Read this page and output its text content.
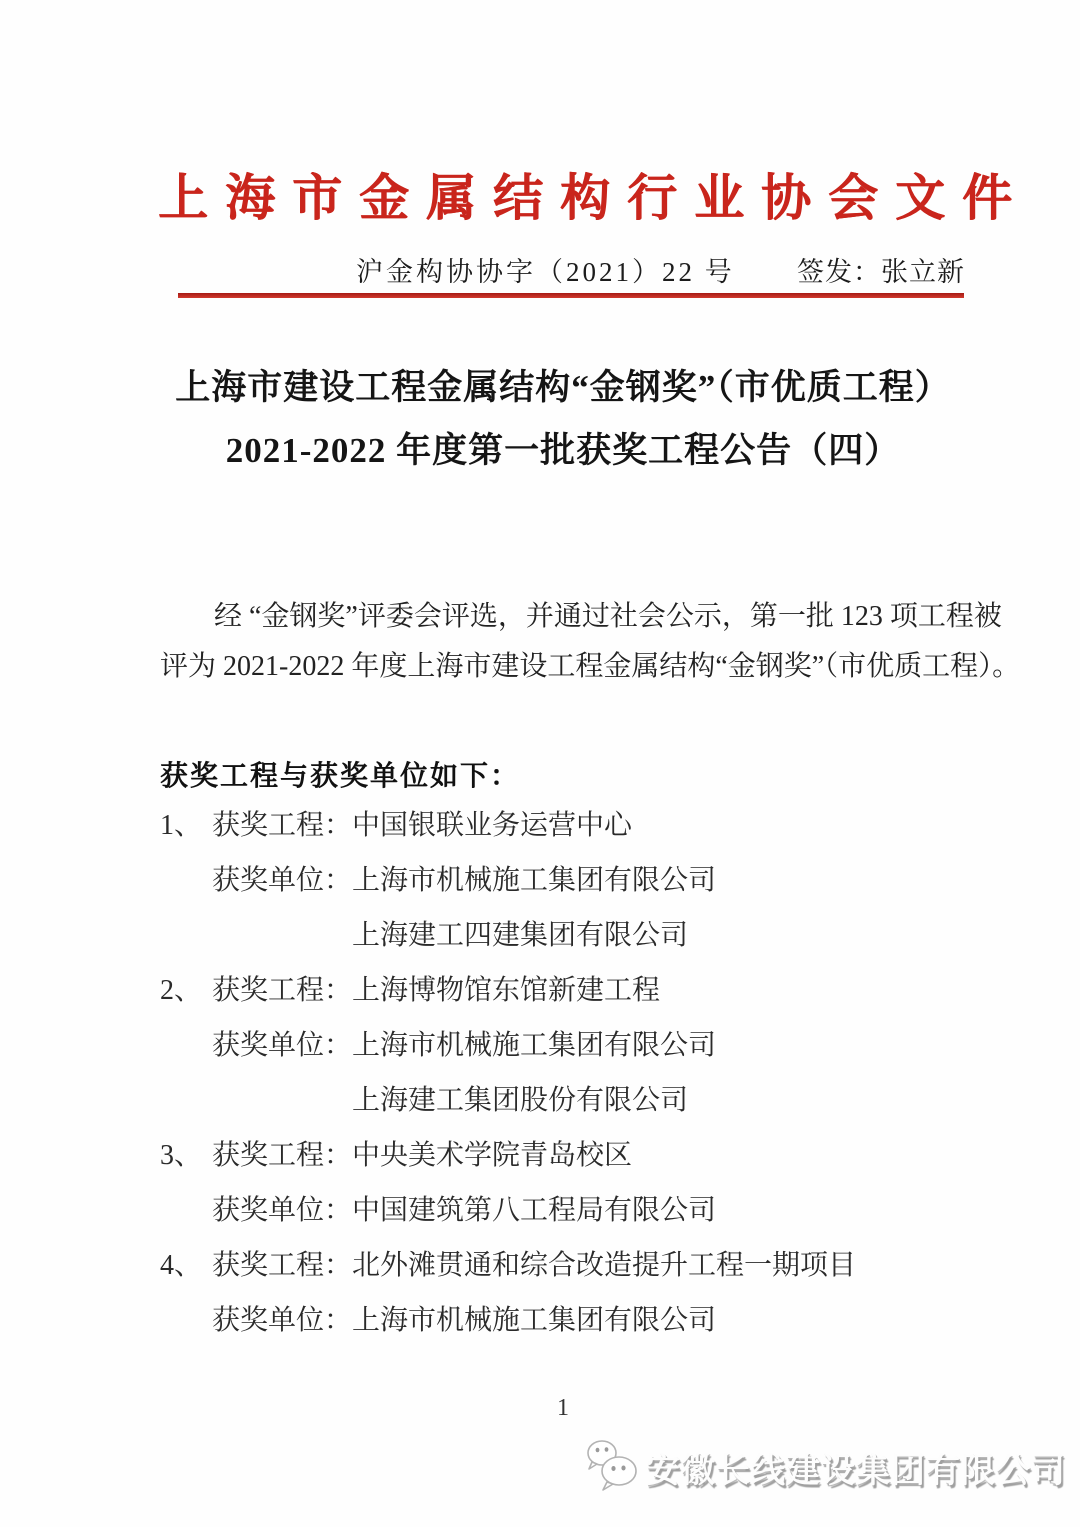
上海市金属结构行业协会文件
沪金构协协字（2021）22 号 签发：张立新
上海市建设工程金属结构“金钢奖”（市优质工程）
2021-2022 年度第一批获奖工程公告（四）
经 “金钢奖”评委会评选，并通过社会公示，第一批 123 项工程被
评为 2021-2022 年度上海市建设工程金属结构“金钢奖”（市优质工程）。
获奖工程与获奖单位如下：
1、 获奖工程：中国银联业务运营中心
获奖单位：上海市机械施工集团有限公司
上海建工四建集团有限公司
2、 获奖工程：上海博物馆东馆新建工程
获奖单位：上海市机械施工集团有限公司
上海建工集团股份有限公司
3、 获奖工程：中央美术学院青岛校区
获奖单位：中国建筑第八工程局有限公司
4、 获奖工程：北外滩贯通和综合改造提升工程一期项目
获奖单位：上海市机械施工集团有限公司
1
安徽长线建设集团有限公司
